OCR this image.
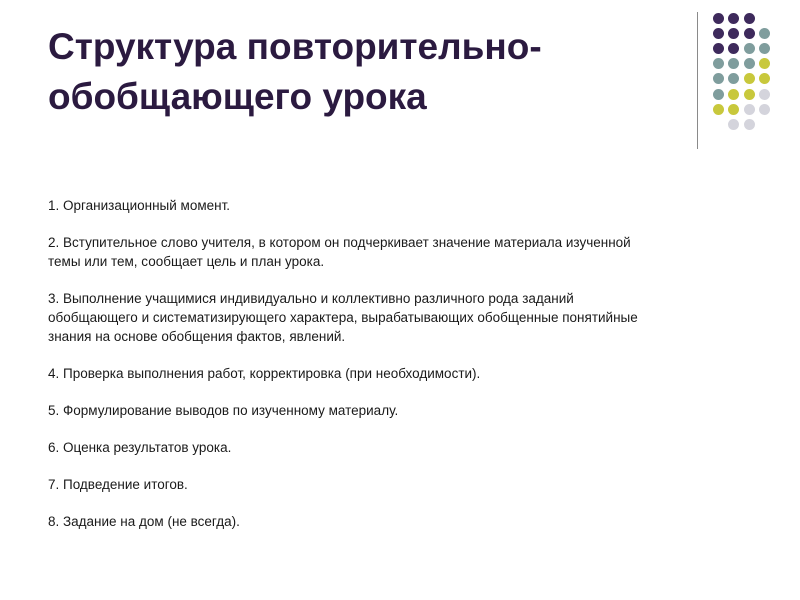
Структура повторительно-
обобщающего урока
1. Организационный момент.
2. Вступительное слово учителя, в котором он подчеркивает значение материала изученной
темы или тем, сообщает цель и план урока.
3. Выполнение учащимися индивидуально и коллективно различного рода заданий
обобщающего и систематизирующего характера, вырабатывающих обобщенные понятийные
знания на основе обобщения фактов, явлений.
4. Проверка выполнения работ, корректировка (при необходимости).
5. Формулирование выводов по изученному материалу.
6. Оценка результатов урока.
7. Подведение итогов.
8. Задание на дом (не всегда).
